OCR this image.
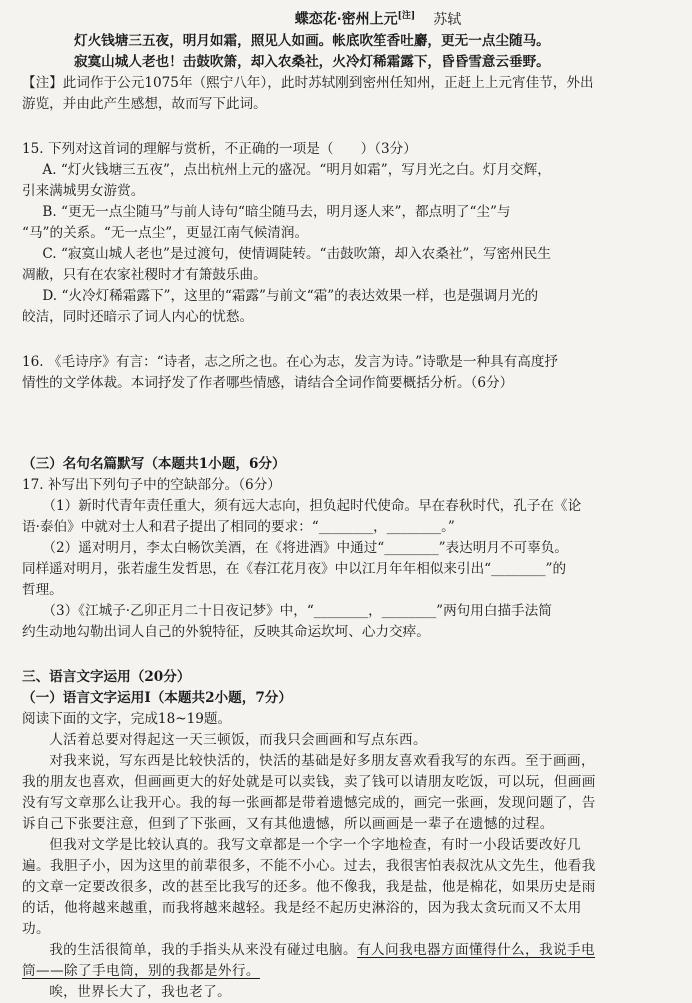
蝶恋花·密州上元[注] 苏轼

灯火钱塘三五夜，明月如霜，照见人如画。帐底吹笙香吐麝，更无一点尘随马。

寂寞山城人老也！击鼓吹箫，却入农桑社，火冷灯稀霜露下，昏昏雪意云垂野。

【注】此词作于公元1075年（熙宁八年），此时苏轼刚到密州任知州，正赶上上元宵佳节，外出

游览，并由此产生感想，故而写下此词。

15. 下列对这首词的理解与赏析，不正确的一项是（　　）（3分）

A. “灯火钱塘三五夜”，点出杭州上元的盛况。“明月如霜”，写月光之白。灯月交辉，

引来满城男女游赏。

B. “更无一点尘随马”与前人诗句“暗尘随马去，明月逐人来”，都点明了“尘”与

“马”的关系。“无一点尘”，更显江南气候清润。

C. “寂寞山城人老也”是过渡句，使情调陡转。“击鼓吹箫，却入农桑社”，写密州民生

凋敝，只有在农家社稷时才有箫鼓乐曲。

D. “火冷灯稀霜露下”，这里的“霜露”与前文“霜”的表达效果一样，也是强调月光的

皎洁，同时还暗示了词人内心的忧愁。

16. 《毛诗序》有言：“诗者，志之所之也。在心为志，发言为诗。”诗歌是一种具有高度抒

情性的文学体裁。本词抒发了作者哪些情感，请结合全词作简要概括分析。（6分）

（三）名句名篇默写（本题共1小题，6分）

17. 补写出下列句子中的空缺部分。（6分）

（1）新时代青年责任重大，须有远大志向，担负起时代使命。早在春秋时代，孔子在《论

语·泰伯》中就对士人和君子提出了相同的要求：“________，________。”

（2）遥对明月，李太白畅饮美酒，在《将进酒》中通过“________”表达明月不可辜负。

同样遥对明月，张若虚生发哲思，在《春江花月夜》中以江月年年相似来引出“________”的

哲理。

（3）《江城子·乙卯正月二十日夜记梦》中，“________，________”两句用白描手法简

约生动地勾勒出词人自己的外貌特征，反映其命运坎坷、心力交瘁。

三、语言文字运用（20分）

（一）语言文字运用Ⅰ（本题共2小题，7分）

阅读下面的文字，完成18~19题。

人活着总要对得起这一天三顿饭，而我只会画画和写点东西。

对我来说，写东西是比较快活的，快活的基础是好多朋友喜欢看我写的东西。至于画画，

我的朋友也喜欢，但画画更大的好处就是可以卖钱，卖了钱可以请朋友吃饭，可以玩，但画画

没有写文章那么让我开心。我的每一张画都是带着遗憾完成的，画完一张画，发现问题了，告

诉自己下张要注意，但到了下张画，又有其他遗憾，所以画画是一辈子在遗憾的过程。

但我对文学是比较认真的。我写文章都是一个字一个字地检查，有时一小段话要改好几

遍。我胆子小，因为这里的前辈很多，不能不小心。过去，我很害怕表叔沈从文先生，他看我

的文章一定要改很多，改的甚至比我写的还多。他不像我，我是盐，他是棉花，如果历史是雨

的话，他将越来越重，而我将越来越轻。我是经不起历史淋浴的，因为我太贪玩而又不太用

功。

我的生活很简单，我的手指头从来没有碰过电脑。有人问我电器方面懂得什么，我说手电

筒——除了手电筒，别的我都是外行。

唉，世界长大了，我也老了。
